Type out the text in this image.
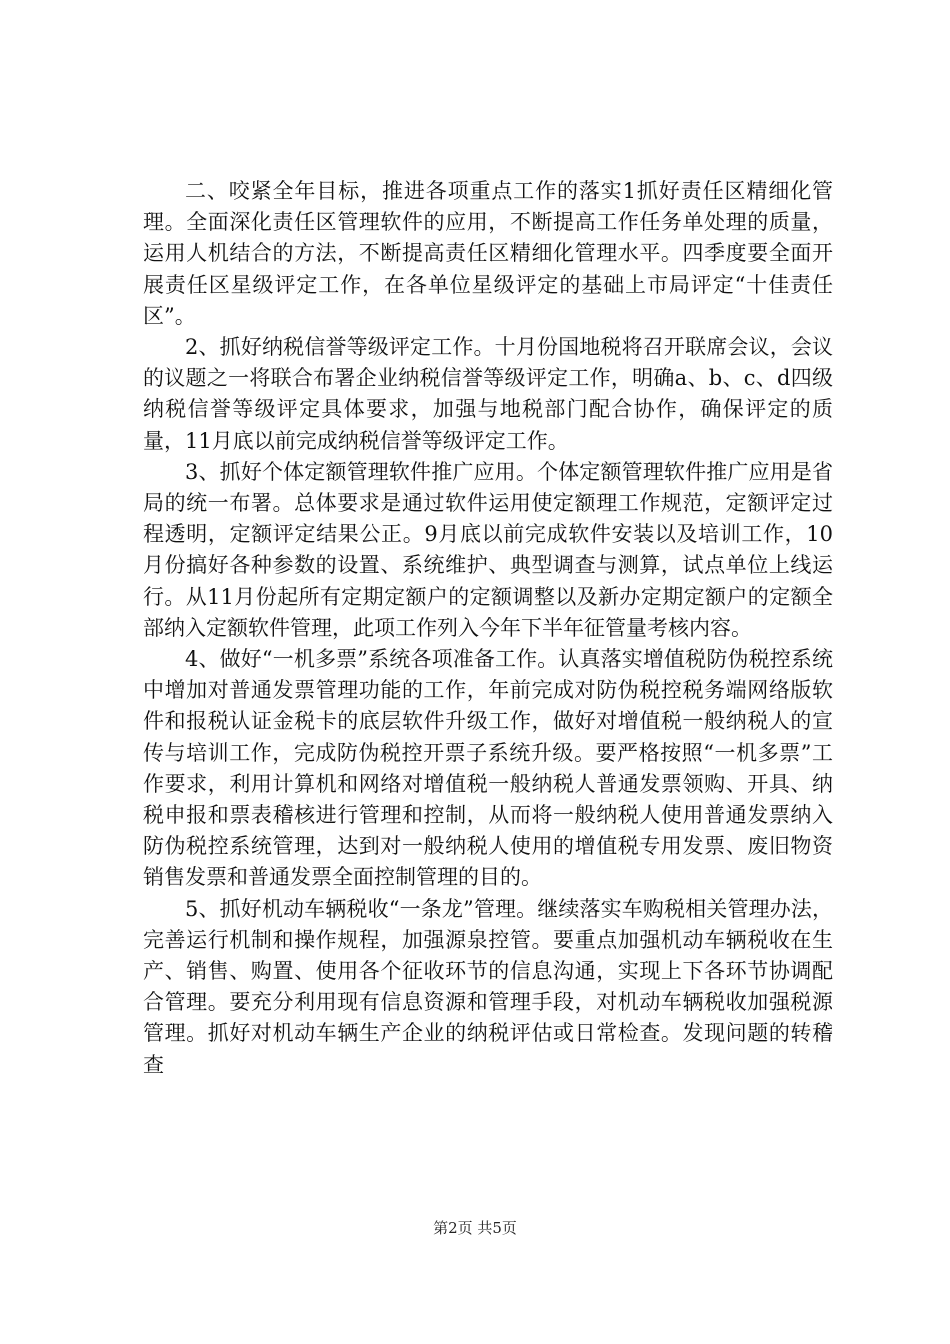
二、咬紧全年目标，推进各项重点工作的落实1抓好责任区精细化管理。全面深化责任区管理软件的应用，不断提高工作任务单处理的质量，运用人机结合的方法，不断提高责任区精细化管理水平。四季度要全面开展责任区星级评定工作，在各单位星级评定的基础上市局评定“十佳责任区”。

2、抓好纳税信誉等级评定工作。十月份国地税将召开联席会议，会议的议题之一将联合布署企业纳税信誉等级评定工作，明确a、b、c、d四级纳税信誉等级评定具体要求，加强与地税部门配合协作，确保评定的质量，11月底以前完成纳税信誉等级评定工作。

3、抓好个体定额管理软件推广应用。个体定额管理软件推广应用是省局的统一布署。总体要求是通过软件运用使定额理工作规范，定额评定过程透明，定额评定结果公正。9月底以前完成软件安装以及培训工作，10月份搞好各种参数的设置、系统维护、典型调查与测算，试点单位上线运行。从11月份起所有定期定额户的定额调整以及新办定期定额户的定额全部纳入定额软件管理，此项工作列入今年下半年征管量考核内容。

4、做好“一机多票”系统各项准备工作。认真落实增值税防伪税控系统中增加对普通发票管理功能的工作，年前完成对防伪税控税务端网络版软件和报税认证金税卡的底层软件升级工作，做好对增值税一般纳税人的宣传与培训工作，完成防伪税控开票子系统升级。要严格按照“一机多票”工作要求，利用计算机和网络对增值税一般纳税人普通发票领购、开具、纳税申报和票表稽核进行管理和控制，从而将一般纳税人使用普通发票纳入防伪税控系统管理，达到对一般纳税人使用的增值税专用发票、废旧物资销售发票和普通发票全面控制管理的目的。

5、抓好机动车辆税收“一条龙”管理。继续落实车购税相关管理办法，完善运行机制和操作规程，加强源泉控管。要重点加强机动车辆税收在生产、销售、购置、使用各个征收环节的信息沟通，实现上下各环节协调配合管理。要充分利用现有信息资源和管理手段，对机动车辆税收加强税源管理。抓好对机动车辆生产企业的纳税评估或日常检查。发现问题的转稽查

第2页 共5页
